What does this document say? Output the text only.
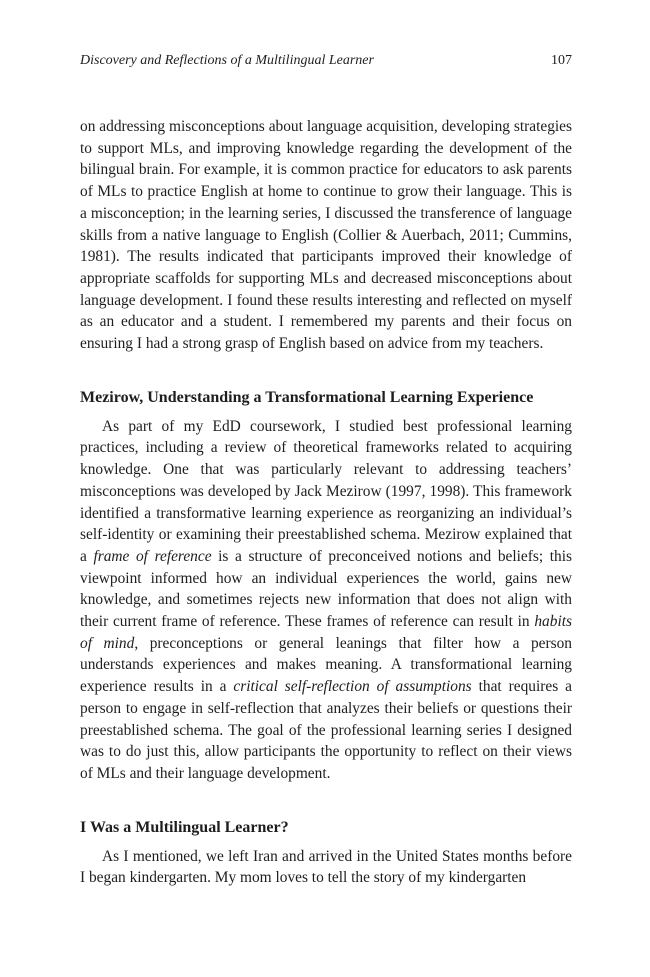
Discovery and Reflections of a Multilingual Learner	107

on addressing misconceptions about language acquisition, developing strategies to support MLs, and improving knowledge regarding the development of the bilingual brain. For example, it is common practice for educators to ask parents of MLs to practice English at home to continue to grow their language. This is a misconception; in the learning series, I discussed the transference of language skills from a native language to English (Collier & Auerbach, 2011; Cummins, 1981). The results indicated that participants improved their knowledge of appropriate scaffolds for supporting MLs and decreased misconceptions about language development. I found these results interesting and reflected on myself as an educator and a student. I remembered my parents and their focus on ensuring I had a strong grasp of English based on advice from my teachers.

Mezirow, Understanding a Transformational Learning Experience

As part of my EdD coursework, I studied best professional learning practices, including a review of theoretical frameworks related to acquiring knowledge. One that was particularly relevant to addressing teachers’ misconceptions was developed by Jack Mezirow (1997, 1998). This framework identified a transformative learning experience as reorganizing an individual’s self-identity or examining their preestablished schema. Mezirow explained that a frame of reference is a structure of preconceived notions and beliefs; this viewpoint informed how an individual experiences the world, gains new knowledge, and sometimes rejects new information that does not align with their current frame of reference. These frames of reference can result in habits of mind, preconceptions or general leanings that filter how a person understands experiences and makes meaning. A transformational learning experience results in a critical self-reflection of assumptions that requires a person to engage in self-reflection that analyzes their beliefs or questions their preestablished schema. The goal of the professional learning series I designed was to do just this, allow participants the opportunity to reflect on their views of MLs and their language development.

I Was a Multilingual Learner?

As I mentioned, we left Iran and arrived in the United States months before I began kindergarten. My mom loves to tell the story of my kindergarten
